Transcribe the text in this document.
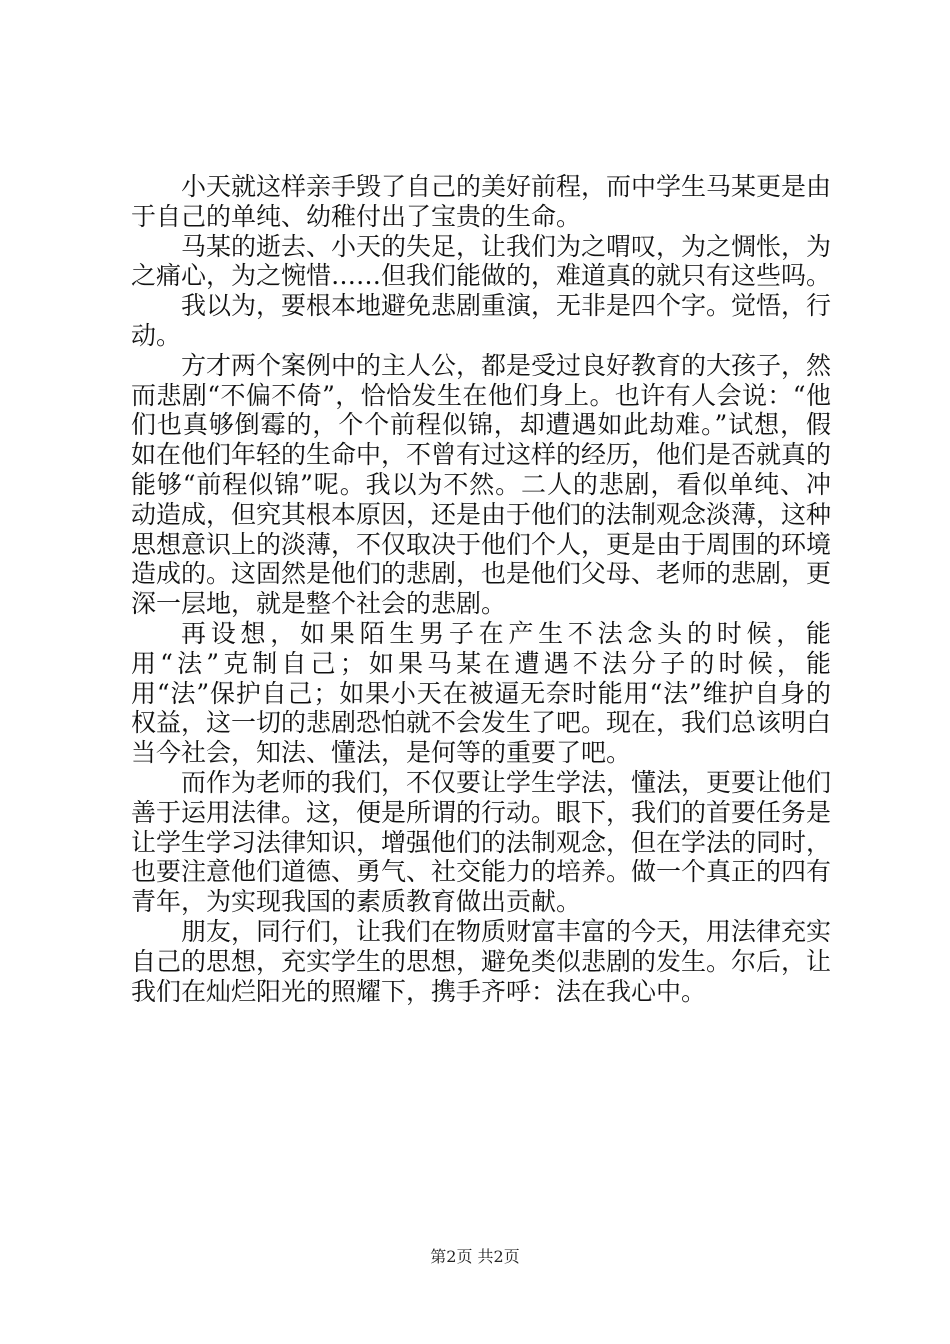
小天就这样亲手毁了自己的美好前程，而中学生马某更是由于自己的单纯、幼稚付出了宝贵的生命。

马某的逝去、小天的失足，让我们为之喟叹，为之惆怅，为之痛心，为之惋惜……但我们能做的，难道真的就只有这些吗。

我以为，要根本地避免悲剧重演，无非是四个字。觉悟，行动。

方才两个案例中的主人公，都是受过良好教育的大孩子，然而悲剧“不偏不倚”，恰恰发生在他们身上。也许有人会说：“他们也真够倒霉的，个个前程似锦，却遭遇如此劫难。”试想，假如在他们年轻的生命中，不曾有过这样的经历，他们是否就真的能够“前程似锦”呢。我以为不然。二人的悲剧，看似单纯、冲动造成，但究其根本原因，还是由于他们的法制观念淡薄，这种思想意识上的淡薄，不仅取决于他们个人，更是由于周围的环境造成的。这固然是他们的悲剧，也是他们父母、老师的悲剧，更深一层地，就是整个社会的悲剧。

再设想，如果陌生男子在产生不法念头的时候，能用“法”克制自己；如果马某在遭遇不法分子的时候，能用“法”保护自己；如果小天在被逼无奈时能用“法”维护自身的权益，这一切的悲剧恐怕就不会发生了吧。现在，我们总该明白当今社会，知法、懂法，是何等的重要了吧。

而作为老师的我们，不仅要让学生学法，懂法，更要让他们善于运用法律。这，便是所谓的行动。眼下，我们的首要任务是让学生学习法律知识，增强他们的法制观念，但在学法的同时，也要注意他们道德、勇气、社交能力的培养。做一个真正的四有青年，为实现我国的素质教育做出贡献。

朋友，同行们，让我们在物质财富丰富的今天，用法律充实自己的思想，充实学生的思想，避免类似悲剧的发生。尔后，让我们在灿烂阳光的照耀下，携手齐呼：法在我心中。

第2页 共2页
